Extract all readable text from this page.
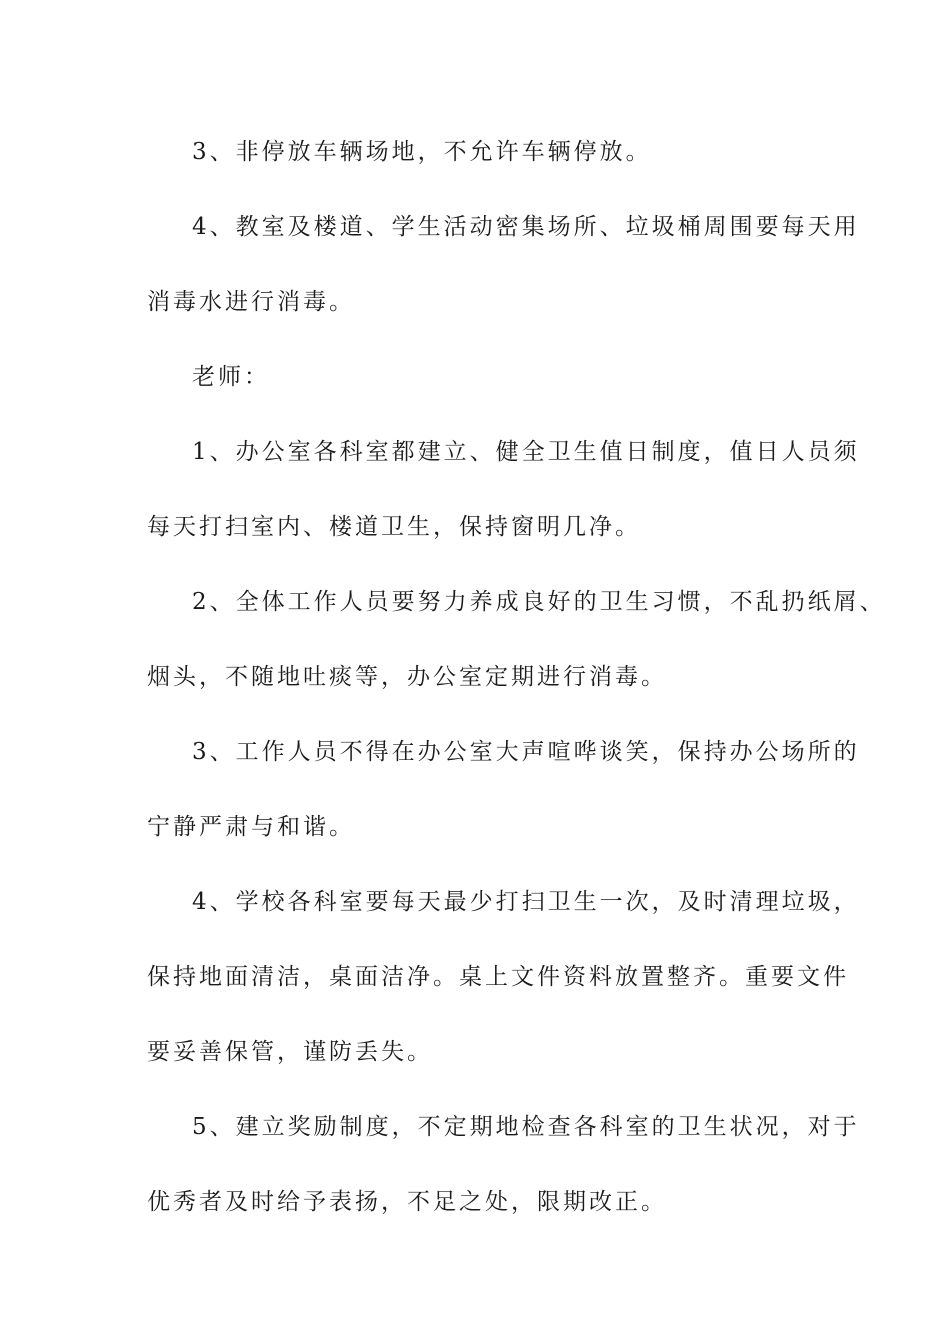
3、非停放车辆场地，不允许车辆停放。
4、教室及楼道、学生活动密集场所、垃圾桶周围要每天用
消毒水进行消毒。
老师：
1、办公室各科室都建立、健全卫生值日制度，值日人员须
每天打扫室内、楼道卫生，保持窗明几净。
2、全体工作人员要努力养成良好的卫生习惯，不乱扔纸屑、
烟头，不随地吐痰等，办公室定期进行消毒。
3、工作人员不得在办公室大声喧哗谈笑，保持办公场所的
宁静严肃与和谐。
4、学校各科室要每天最少打扫卫生一次，及时清理垃圾，
保持地面清洁，桌面洁净。桌上文件资料放置整齐。重要文件
要妥善保管，谨防丢失。
5、建立奖励制度，不定期地检查各科室的卫生状况，对于
优秀者及时给予表扬，不足之处，限期改正。
